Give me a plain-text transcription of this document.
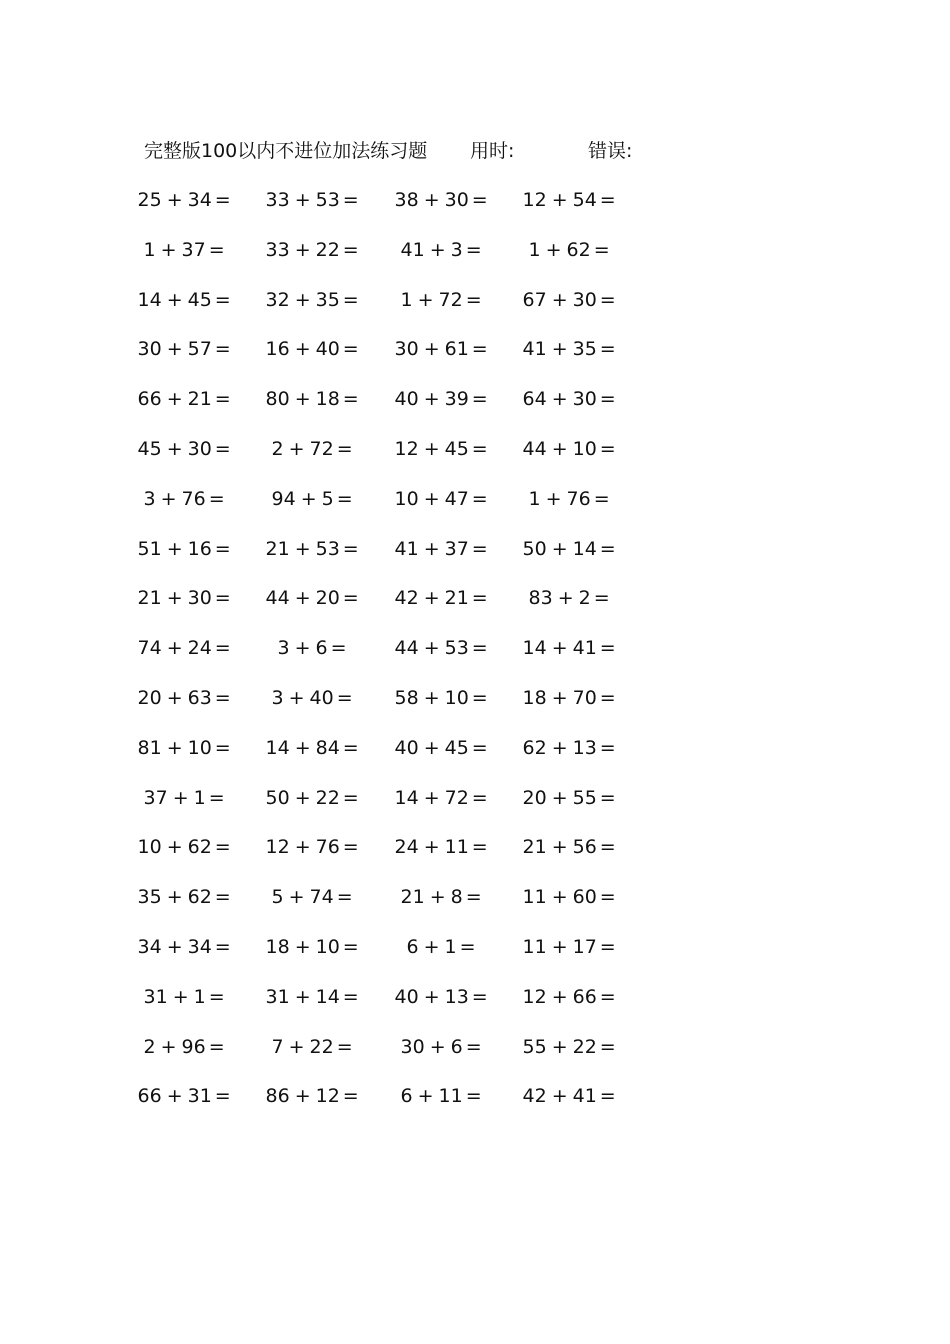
完整版100以内不进位加法练习题 用时:	错误:
25 + 34 = 33 + 53 = 38 + 30 = 12 + 54 =
1 + 37 = 33 + 22 = 41 + 3 = 1 + 62 =
14 + 45 = 32 + 35 = 1 + 72 = 67 + 30 =
30 + 57 = 16 + 40 = 30 + 61 = 41 + 35 =
66 + 21 = 80 + 18 = 40 + 39 = 64 + 30 =
45 + 30 = 2 + 72 = 12 + 45 = 44 + 10 =
3 + 76 = 94 + 5 = 10 + 47 = 1 + 76 =
51 + 16 = 21 + 53 = 41 + 37 = 50 + 14 =
21 + 30 = 44 + 20 = 42 + 21 = 83 + 2 =
74 + 24 = 3 + 6 =	44 + 53 = 14 + 41 =
20 + 63 = 3 + 40 = 58 + 10 = 18 + 70 =
81 + 10 = 14 + 84 = 40 + 45 = 62 + 13 =
37 + 1 = 50 + 22 = 14 + 72 = 20 + 55 =
10 + 62 = 12 + 76 = 24 + 11 = 21 + 56 =
35 + 62 = 5 + 74 =	21 + 8 = 11 + 60 =
34 + 34 = 18 + 10 =	6 + 1 = 11 + 17 =
31 + 1 = 31 + 14 = 40 + 13 = 12 + 66 =
2 + 96 = 7 + 22 =	30 + 6 = 55 + 22 =
66 + 31 = 86 + 12 = 6 + 11 = 42 + 41 =
